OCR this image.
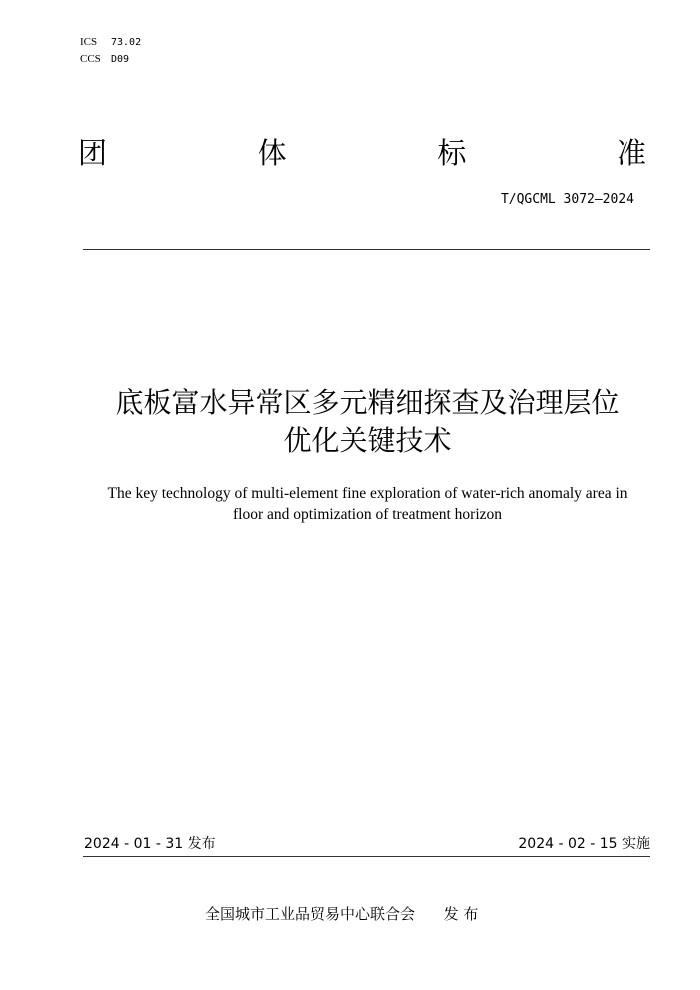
ICS 73.02
CCS D09
团	体	标	准
T/QGCML 3072—2024
底板富水异常区多元精细探查及治理层位
优化关键技术
The key technology of multi-element fine exploration of water-rich anomaly area in
floor and optimization of treatment horizon
2024 - 01 - 31 发布	2024 - 02 - 15 实施
全国城市工业品贸易中心联合会 发 布
